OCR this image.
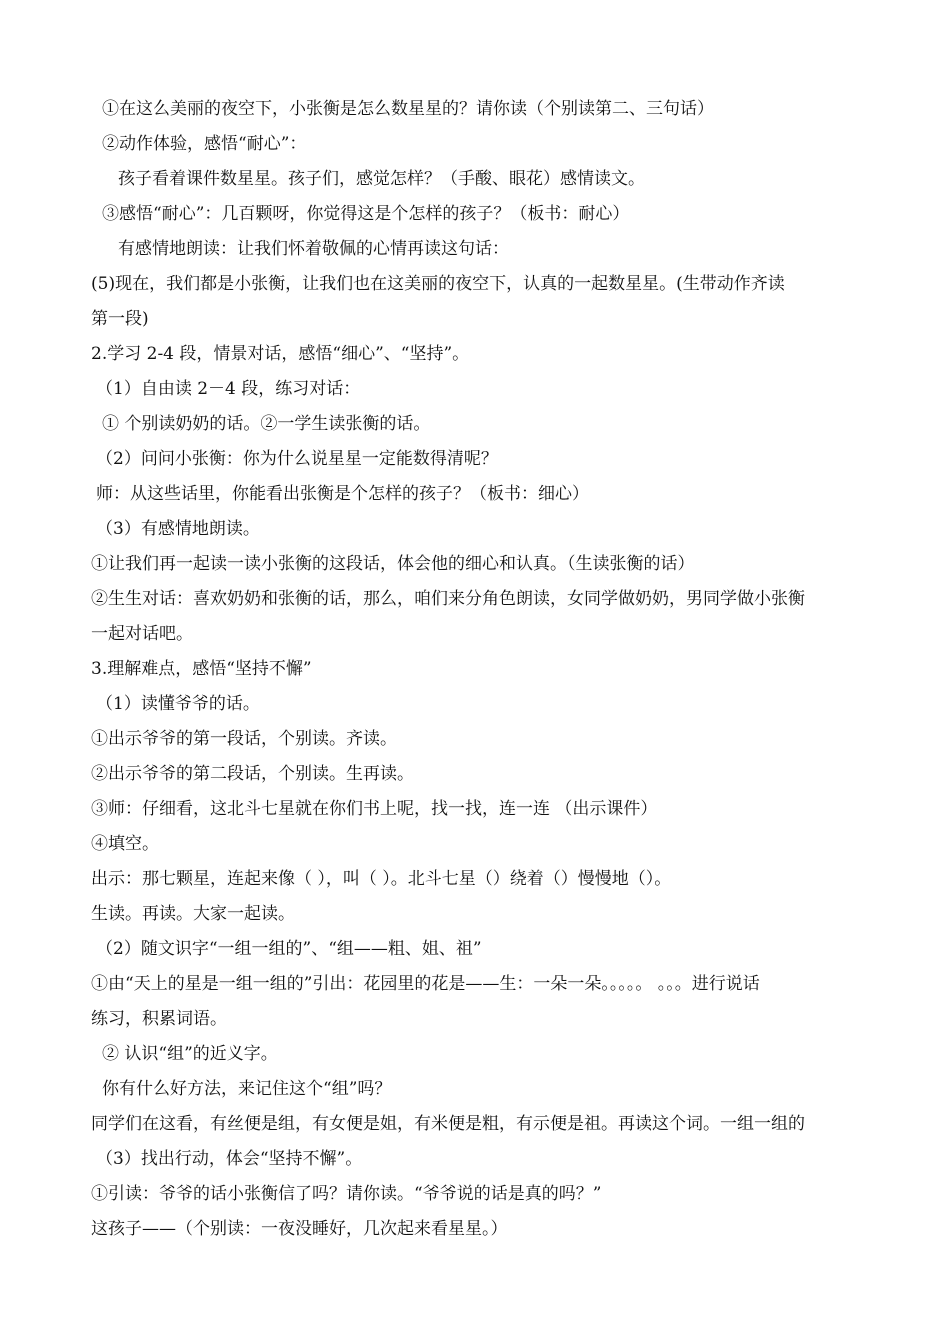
①在这么美丽的夜空下，小张衡是怎么数星星的？请你读（个别读第二、三句话）
②动作体验，感悟“耐心”：
孩子看着课件数星星。孩子们，感觉怎样？（手酸、眼花）感情读文。
③感悟“耐心”：几百颗呀，你觉得这是个怎样的孩子？（板书：耐心）
有感情地朗读：让我们怀着敬佩的心情再读这句话：
(5)现在，我们都是小张衡，让我们也在这美丽的夜空下，认真的一起数星星。(生带动作齐读
第一段)
2.学习 2-4 段，情景对话，感悟“细心”、“坚持”。
（1）自由读 2－4 段，练习对话：
① 个别读奶奶的话。②一学生读张衡的话。
（2）问问小张衡：你为什么说星星一定能数得清呢？
师：从这些话里，你能看出张衡是个怎样的孩子？（板书：细心）
（3）有感情地朗读。
①让我们再一起读一读小张衡的这段话，体会他的细心和认真。（生读张衡的话）
②生生对话：喜欢奶奶和张衡的话，那么，咱们来分角色朗读，女同学做奶奶，男同学做小张衡
一起对话吧。
3.理解难点，感悟“坚持不懈”
（1）读懂爷爷的话。
①出示爷爷的第一段话，个别读。齐读。
②出示爷爷的第二段话，个别读。生再读。
③师：仔细看，这北斗七星就在你们书上呢，找一找，连一连 （出示课件）
④填空。
出示：那七颗星，连起来像（ ），叫（ ）。北斗七星（）绕着（）慢慢地（）。
生读。再读。大家一起读。
（2）随文识字“一组一组的”、“组——粗、姐、祖”
①由“天上的星是一组一组的”引出：花园里的花是——生：一朵一朵。。。。。 。。。进行说话
练习，积累词语。
② 认识“组”的近义字。
你有什么好方法，来记住这个“组”吗？
同学们在这看，有丝便是组，有女便是姐，有米便是粗，有示便是祖。再读这个词。一组一组的
（3）找出行动，体会“坚持不懈”。
①引读：爷爷的话小张衡信了吗？请你读。“爷爷说的话是真的吗？”
这孩子——（个别读：一夜没睡好，几次起来看星星。）
